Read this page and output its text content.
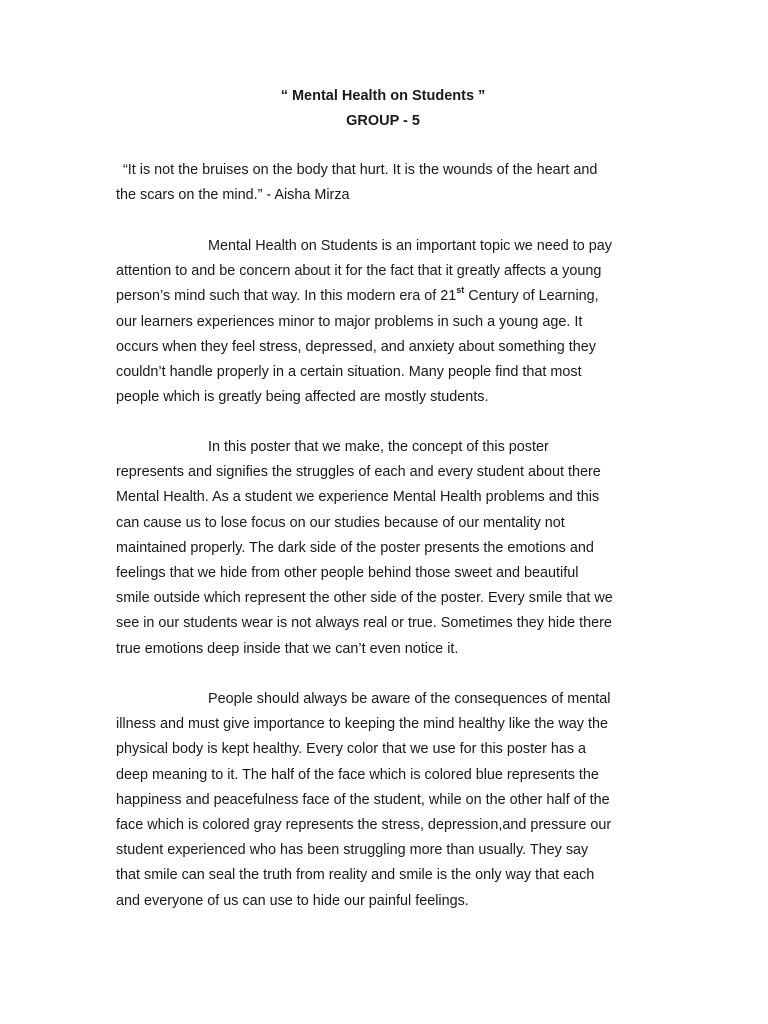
“ Mental Health on Students ”
GROUP - 5
“It is not the bruises on the body that hurt. It is the wounds of the heart and
the scars on the mind.” - Aisha Mirza
Mental Health on Students is an important topic we need to pay
attention to and be concern about it for the fact that it greatly affects a young
person’s mind such that way. In this modern era of 21st Century of Learning,
our learners experiences minor to major problems in such a young age. It
occurs when they feel stress, depressed, and anxiety about something they
couldn’t handle properly in a certain situation. Many people find that most
people which is greatly being affected are mostly students.
In this poster that we make, the concept of this poster
represents and signifies the struggles of each and every student about there
Mental Health. As a student we experience Mental Health problems and this
can cause us to lose focus on our studies because of our mentality not
maintained properly. The dark side of the poster presents the emotions and
feelings that we hide from other people behind those sweet and beautiful
smile outside which represent the other side of the poster. Every smile that we
see in our students wear is not always real or true. Sometimes they hide there
true emotions deep inside that we can’t even notice it.
People should always be aware of the consequences of mental
illness and must give importance to keeping the mind healthy like the way the
physical body is kept healthy. Every color that we use for this poster has a
deep meaning to it. The half of the face which is colored blue represents the
happiness and peacefulness face of the student, while on the other half of the
face which is colored gray represents the stress, depression,and pressure our
student experienced who has been struggling more than usually. They say
that smile can seal the truth from reality and smile is the only way that each
and everyone of us can use to hide our painful feelings.
